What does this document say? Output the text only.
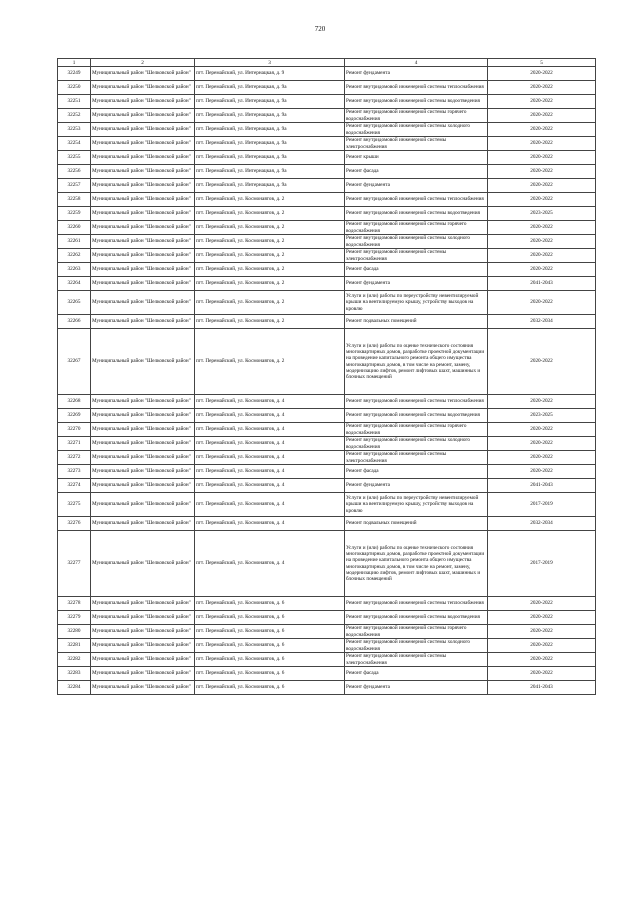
720
1	2	3	4	5
32249	Муниципальный район "Шелковской район"	пгт. Перемайский, ул. Интернацкая, д. 9	Ремонт фундамента	2020-2022
32250	Муниципальный район "Шелковской район"	пгт. Перемайский, ул. Интернацкая, д. 9а	Ремонт внутридомовой инженерной системы теплоснабжения	2020-2022
32251	Муниципальный район "Шелковской район"	пгт. Перемайский, ул. Интернацкая, д. 9а	Ремонт внутридомовой инженерной системы водоотведения	2020-2022
32252	Муниципальный район "Шелковской район"	пгт. Перемайский, ул. Интернацкая, д. 9а	Ремонт внутридомовой инженерной системы горячего водоснабжения	2020-2022
32253	Муниципальный район "Шелковской район"	пгт. Перемайский, ул. Интернацкая, д. 9а	Ремонт внутридомовой инженерной системы холодного водоснабжения	2020-2022
32254	Муниципальный район "Шелковской район"	пгт. Перемайский, ул. Интернацкая, д. 9а	Ремонт внутридомовой инженерной системы электроснабжения	2020-2022
32255	Муниципальный район "Шелковской район"	пгт. Перемайский, ул. Интернацкая, д. 9а	Ремонт крыши	2020-2022
32256	Муниципальный район "Шелковской район"	пгт. Перемайский, ул. Интернацкая, д. 9а	Ремонт фасада	2020-2022
32257	Муниципальный район "Шелковской район"	пгт. Перемайский, ул. Интернацкая, д. 9а	Ремонт фундамента	2020-2022
32258	Муниципальный район "Шелковской район"	пгт. Перемайский, ул. Космонавтов, д. 2	Ремонт внутридомовой инженерной системы теплоснабжения	2020-2022
32259	Муниципальный район "Шелковской район"	пгт. Перемайский, ул. Космонавтов, д. 2	Ремонт внутридомовой инженерной системы водоотведения	2023-2025
32260	Муниципальный район "Шелковской район"	пгт. Перемайский, ул. Космонавтов, д. 2	Ремонт внутридомовой инженерной системы горячего водоснабжения	2020-2022
32261	Муниципальный район "Шелковской район"	пгт. Перемайский, ул. Космонавтов, д. 2	Ремонт внутридомовой инженерной системы холодного водоснабжения	2020-2022
32262	Муниципальный район "Шелковской район"	пгт. Перемайский, ул. Космонавтов, д. 2	Ремонт внутридомовой инженерной системы электроснабжения	2020-2022
32263	Муниципальный район "Шелковской район"	пгт. Перемайский, ул. Космонавтов, д. 2	Ремонт фасада	2020-2022
32264	Муниципальный район "Шелковской район"	пгт. Перемайский, ул. Космонавтов, д. 2	Ремонт фундамента	2041-2043
32265	Муниципальный район "Шелковской район"	пгт. Перемайский, ул. Космонавтов, д. 2	Услуги и (или) работы по переустройству невентилируемой крыши на вентилируемую крышу, устройству выходов на кровлю	2020-2022
32266	Муниципальный район "Шелковской район"	пгт. Перемайский, ул. Космонавтов, д. 2	Ремонт подвальных помещений	2032-2034
32267	Муниципальный район "Шелковской район"	пгт. Перемайский, ул. Космонавтов, д. 2	Услуги и (или) работы по оценке технического состояния многоквартирных домов, разработке проектной документации на проведение капитального ремонта общего имущества многоквартирных домов, в том числе на ремонт, замену, модернизацию лифтов, ремонт лифтовых шахт, машинных и блочных помещений	2020-2022
32268	Муниципальный район "Шелковской район"	пгт. Перемайский, ул. Космонавтов, д. 4	Ремонт внутридомовой инженерной системы теплоснабжения	2020-2022
32269	Муниципальный район "Шелковской район"	пгт. Перемайский, ул. Космонавтов, д. 4	Ремонт внутридомовой инженерной системы водоотведения	2023-2025
32270	Муниципальный район "Шелковской район"	пгт. Перемайский, ул. Космонавтов, д. 4	Ремонт внутридомовой инженерной системы горячего водоснабжения	2020-2022
32271	Муниципальный район "Шелковской район"	пгт. Перемайский, ул. Космонавтов, д. 4	Ремонт внутридомовой инженерной системы холодного водоснабжения	2020-2022
32272	Муниципальный район "Шелковской район"	пгт. Перемайский, ул. Космонавтов, д. 4	Ремонт внутридомовой инженерной системы электроснабжения	2020-2022
32273	Муниципальный район "Шелковской район"	пгт. Перемайский, ул. Космонавтов, д. 4	Ремонт фасада	2020-2022
32274	Муниципальный район "Шелковской район"	пгт. Перемайский, ул. Космонавтов, д. 4	Ремонт фундамента	2041-2043
32275	Муниципальный район "Шелковской район"	пгт. Перемайский, ул. Космонавтов, д. 4	Услуги и (или) работы по переустройству невентилируемой крыши на вентилируемую крышу, устройству выходов на кровлю	2017-2019
32276	Муниципальный район "Шелковской район"	пгт. Перемайский, ул. Космонавтов, д. 4	Ремонт подвальных помещений	2032-2034
32277	Муниципальный район "Шелковской район"	пгт. Перемайский, ул. Космонавтов, д. 4	Услуги и (или) работы по оценке технического состояния многоквартирных домов, разработке проектной документации на проведение капитального ремонта общего имущества многоквартирных домов, в том числе на ремонт, замену, модернизацию лифтов, ремонт лифтовых шахт, машинных и блочных помещений	2017-2019
32278	Муниципальный район "Шелковской район"	пгт. Перемайский, ул. Космонавтов, д. 6	Ремонт внутридомовой инженерной системы теплоснабжения	2020-2022
32279	Муниципальный район "Шелковской район"	пгт. Перемайский, ул. Космонавтов, д. 6	Ремонт внутридомовой инженерной системы водоотведения	2020-2022
32280	Муниципальный район "Шелковской район"	пгт. Перемайский, ул. Космонавтов, д. 6	Ремонт внутридомовой инженерной системы горячего водоснабжения	2020-2022
32281	Муниципальный район "Шелковской район"	пгт. Перемайский, ул. Космонавтов, д. 6	Ремонт внутридомовой инженерной системы холодного водоснабжения	2020-2022
32282	Муниципальный район "Шелковской район"	пгт. Перемайский, ул. Космонавтов, д. 6	Ремонт внутридомовой инженерной системы электроснабжения	2020-2022
32283	Муниципальный район "Шелковской район"	пгт. Перемайский, ул. Космонавтов, д. 6	Ремонт фасада	2020-2022
32284	Муниципальный район "Шелковской район"	пгт. Перемайский, ул. Космонавтов, д. 6	Ремонт фундамента	2041-2043
